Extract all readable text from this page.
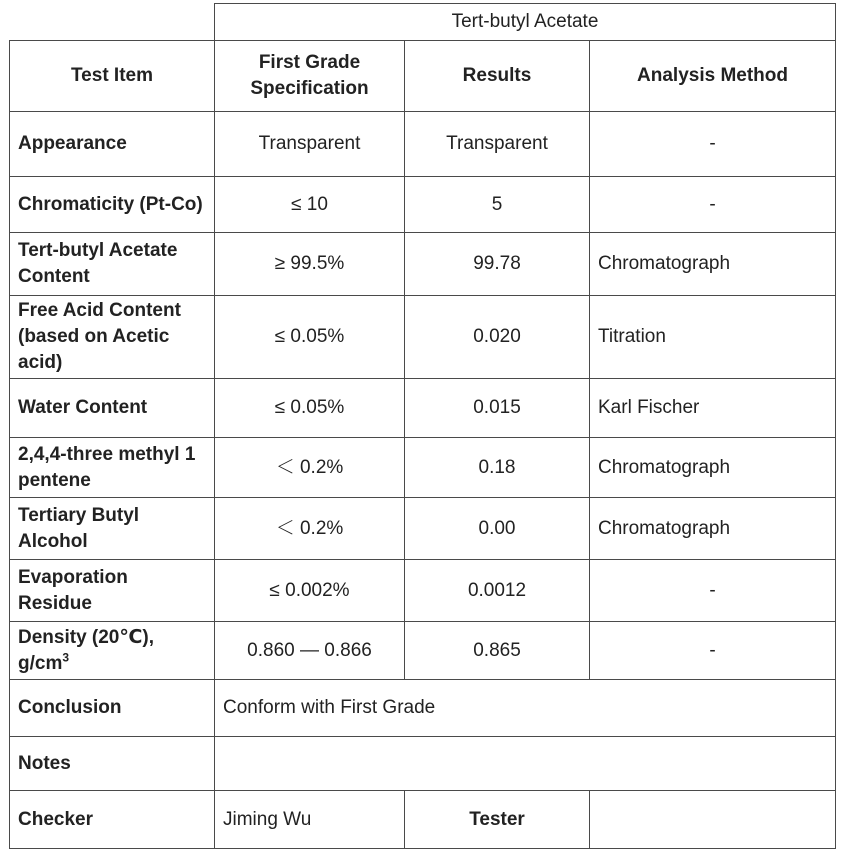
	Tert-butyl Acetate		
Test Item	First Grade Specification	Results	Analysis Method
Appearance	Transparent	Transparent	-
Chromaticity (Pt-Co)	≤ 10	5	-
Tert-butyl Acetate Content	≥ 99.5%	99.78	Chromatograph
Free Acid Content (based on Acetic acid)	≤ 0.05%	0.020	Titration
Water Content	≤ 0.05%	0.015	Karl Fischer
2,4,4-three methyl 1 pentene	＜ 0.2%	0.18	Chromatograph
Tertiary Butyl Alcohol	＜ 0.2%	0.00	Chromatograph
Evaporation Residue	≤ 0.002%	0.0012	-
Density (20℃), $g/cm^3$	0.860 — 0.866	0.865	-
Conclusion	Conform with First Grade		
Notes			
Checker	Jiming Wu	Tester	
